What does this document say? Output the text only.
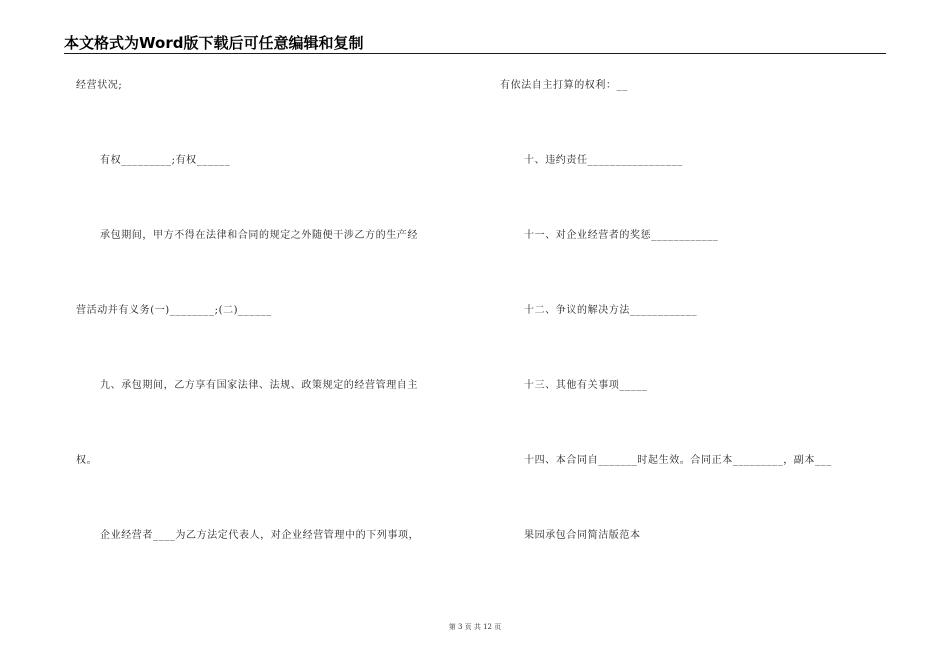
本文格式为Word版下载后可任意编辑和复制
经营状况;
有权_________;有权______
承包期间，甲方不得在法律和合同的规定之外随便干涉乙方的生产经
营活动并有义务(一)________;(二)______
九、承包期间，乙方享有国家法律、法规、政策规定的经营管理自主
权。
企业经营者____为乙方法定代表人，对企业经营管理中的下列事项，
有依法自主打算的权利：__
十、违约责任_________________
十一、对企业经营者的奖惩____________
十二、争议的解决方法____________
十三、其他有关事项_____
十四、本合同自_______时起生效。合同正本_________，副本___
果园承包合同简洁版范本
第 3 页 共 12 页
